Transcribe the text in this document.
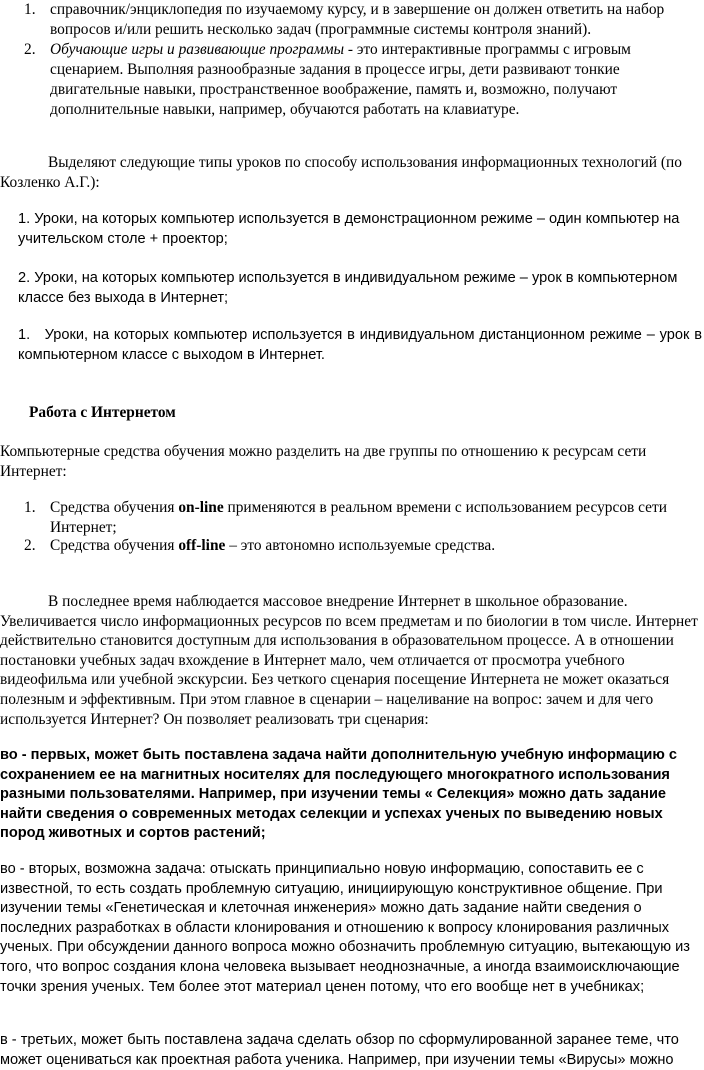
1. справочник/энциклопедия по изучаемому курсу, и в завершение он должен ответить на набор вопросов и/или решить несколько задач (программные системы контроля знаний).

2. Обучающие игры и развивающие программы - это интерактивные программы с игровым сценарием. Выполняя разнообразные задания в процессе игры, дети развивают тонкие двигательные навыки, пространственное воображение, память и, возможно, получают дополнительные навыки, например, обучаются работать на клавиатуре.

Выделяют следующие типы уроков по способу использования информационных технологий (по Козленко А.Г.):

1. Уроки, на которых компьютер используется в демонстрационном режиме – один компьютер на учительском столе + проектор;

2. Уроки, на которых компьютер используется в индивидуальном режиме – урок в компьютерном классе без выхода в Интернет;

1. Уроки, на которых компьютер используется в индивидуальном дистанционном режиме – урок в компьютерном классе с выходом в Интернет.

Работа с Интернетом

Компьютерные средства обучения можно разделить на две группы по отношению к ресурсам сети Интернет:

1. Средства обучения on-line применяются в реальном времени с использованием ресурсов сети Интернет;

2. Средства обучения off-line – это автономно используемые средства.

В последнее время наблюдается массовое внедрение Интернет в школьное образование. Увеличивается число информационных ресурсов по всем предметам и по биологии в том числе. Интернет действительно становится доступным для использования в образовательном процессе. А в отношении постановки учебных задач вхождение в Интернет мало, чем отличается от просмотра учебного видеофильма или учебной экскурсии. Без четкого сценария посещение Интернета не может оказаться полезным и эффективным. При этом главное в сценарии – нацеливание на вопрос: зачем и для чего используется Интернет? Он позволяет реализовать три сценария:

во - первых, может быть поставлена задача найти дополнительную учебную информацию с сохранением ее на магнитных носителях для последующего многократного использования разными пользователями. Например, при изучении темы « Селекция» можно дать задание найти сведения о современных методах селекции и успехах ученых по выведению новых пород животных и сортов растений;

во - вторых, возможна задача: отыскать принципиально новую информацию, сопоставить ее с известной, то есть создать проблемную ситуацию, инициирующую конструктивное общение. При изучении темы «Генетическая и клеточная инженерия» можно дать задание найти сведения о последних разработках в области клонирования и отношению к вопросу клонирования различных ученых. При обсуждении данного вопроса можно обозначить проблемную ситуацию, вытекающую из того, что вопрос создания клона человека вызывает неоднозначные, а иногда взаимоисключающие точки зрения ученых. Тем более этот материал ценен потому, что его вообще нет в учебниках;

в - третьих, может быть поставлена задача сделать обзор по сформулированной заранее теме, что может оцениваться как проектная работа ученика. Например, при изучении темы «Вирусы» можно
